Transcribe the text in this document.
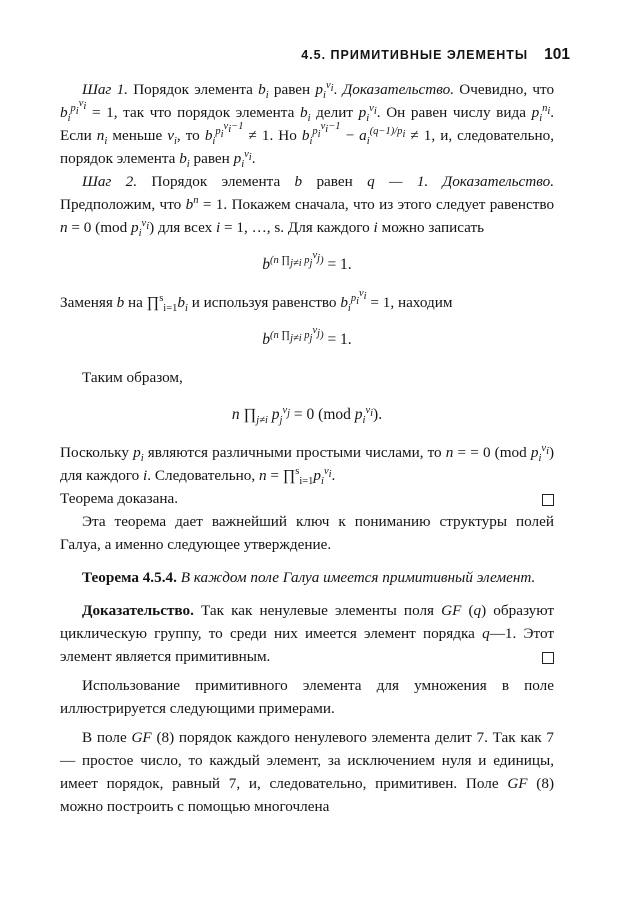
4.5. ПРИМИТИВНЫЕ ЭЛЕМЕНТЫ 101

Шаг 1. Порядок элемента $b_i$ равен $p_i^{\nu_i}$. Доказательство. Очевидно, что $b_i^{p_i^{\nu_i}} = 1$, так что порядок элемента $b_i$ делит $p_i^{\nu_i}$. Он равен числу вида $p_i^{n_i}$. Если $n_i$ меньше $\nu_i$, то $b_i^{p_i^{\nu_i-1}} \ne 1$. Но $b_i^{p_i^{\nu_i-1}} - a_i^{(q-1)/p_i} \ne 1$, и, следовательно, порядок элемента $b_i$ равен $p_i^{\nu_i}$.

Шаг 2. Порядок элемента b равен q — 1. Доказательство. Предположим, что $b^n = 1$. Покажем сначала, что из этого следует равенство n = 0 (mod $p_i^{\nu_i}$) для всех i = 1, …, s. Для каждого i можно записать

$b^{(n \prod_{j\ne i} p_j^{\nu_j})} = 1$.

Заменяя b на $\prod^s_{i=1}b_i$ и используя равенство $b_i^{p_i^{\nu_i}} = 1$, находим

$b^{(n \prod_{j\ne i} p_j^{\nu_j})} = 1$.

Таким образом,

n $\prod_{j\ne i}$ $p_j^{\nu_j} = 0$ (mod $p_i^{\nu_i}$).

Поскольку $p_i$ являются различными простыми числами, то n = = 0 (mod $p_i^{\nu_i}$) для каждого i. Следовательно, $n = \prod^s_{i=1}p_i^{\nu_i}$.
Теорема доказана.

Эта теорема дает важнейший ключ к пониманию структуры полей Галуа, а именно следующее утверждение.

Теорема 4.5.4. В каждом поле Галуа имеется примитивный элемент.

Доказательство. Так как ненулевые элементы поля GF (q) образуют циклическую группу, то среди них имеется элемент порядка q—1. Этот элемент является примитивным.

Использование примитивного элемента для умножения в поле иллюстрируется следующими примерами.

В поле GF (8) порядок каждого ненулевого элемента делит 7. Так как 7 — простое число, то каждый элемент, за исключением нуля и единицы, имеет порядок, равный 7, и, следовательно, примитивен. Поле GF (8) можно построить с помощью многочлена
